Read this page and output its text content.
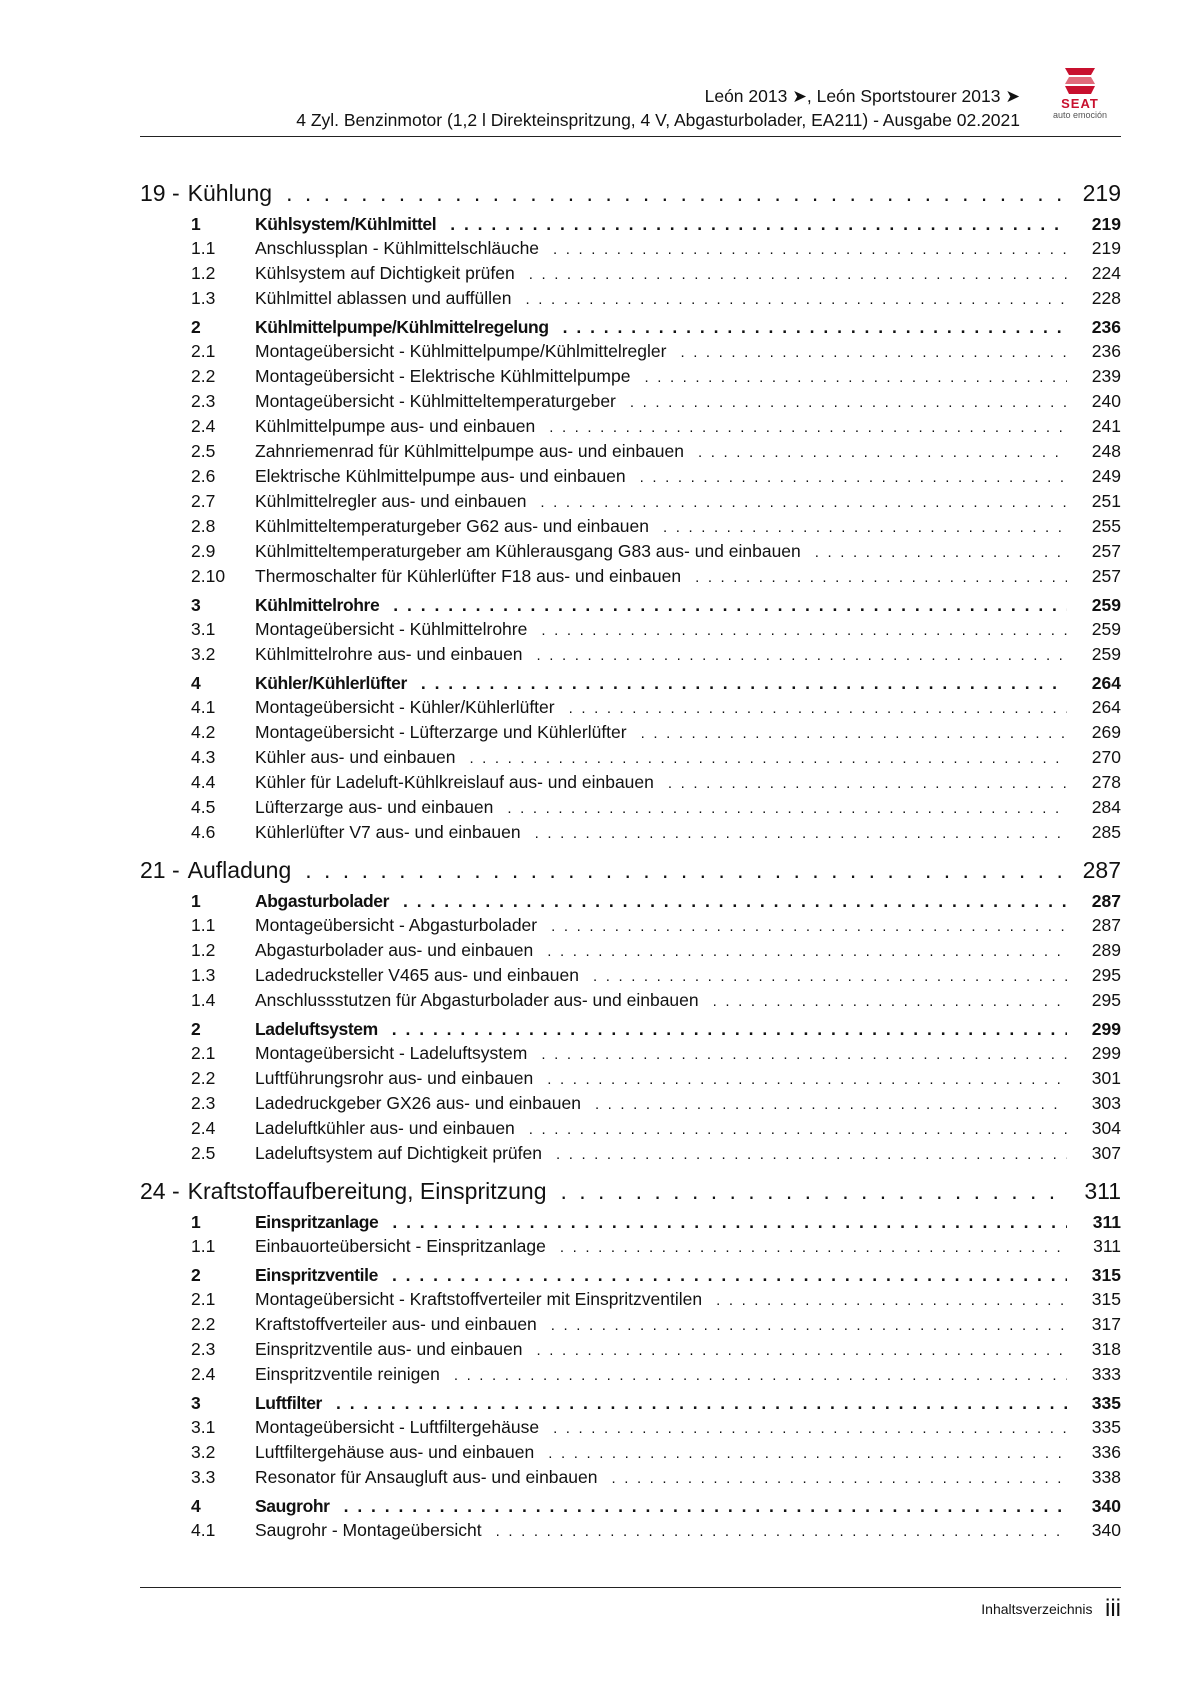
León 2013 ➤, León Sportstourer 2013 ➤
4 Zyl. Benzinmotor (1,2 l Direkteinspritzung, 4 V, Abgasturbolader, EA211) - Ausgabe 02.2021
SEAT
auto emoción
19 - Kühlung . . .	219
1	Kühlsystem/Kühlmittel . . .	219
1.1	Anschlussplan - Kühlmittelschläuche . . .	219
1.2	Kühlsystem auf Dichtigkeit prüfen . . .	224
1.3	Kühlmittel ablassen und auffüllen . . .	228
2	Kühlmittelpumpe/Kühlmittelregelung . . .	236
2.1	Montageübersicht - Kühlmittelpumpe/Kühlmittelregler . . .	236
2.2	Montageübersicht - Elektrische Kühlmittelpumpe . . .	239
2.3	Montageübersicht - Kühlmitteltemperaturgeber . . .	240
2.4	Kühlmittelpumpe aus- und einbauen . . .	241
2.5	Zahnriemenrad für Kühlmittelpumpe aus- und einbauen . . .	248
2.6	Elektrische Kühlmittelpumpe aus- und einbauen . . .	249
2.7	Kühlmittelregler aus- und einbauen . . .	251
2.8	Kühlmitteltemperaturgeber G62 aus- und einbauen . . .	255
2.9	Kühlmitteltemperaturgeber am Kühlerausgang G83 aus- und einbauen . . .	257
2.10	Thermoschalter für Kühlerlüfter F18 aus- und einbauen . . .	257
3	Kühlmittelrohre . . .	259
3.1	Montageübersicht - Kühlmittelrohre . . .	259
3.2	Kühlmittelrohre aus- und einbauen . . .	259
4	Kühler/Kühlerlüfter . . .	264
4.1	Montageübersicht - Kühler/Kühlerlüfter . . .	264
4.2	Montageübersicht - Lüfterzarge und Kühlerlüfter . . .	269
4.3	Kühler aus- und einbauen . . .	270
4.4	Kühler für Ladeluft-Kühlkreislauf aus- und einbauen . . .	278
4.5	Lüfterzarge aus- und einbauen . . .	284
4.6	Kühlerlüfter V7 aus- und einbauen . . .	285
21 - Aufladung . . .	287
1	Abgasturbolader . . .	287
1.1	Montageübersicht - Abgasturbolader . . .	287
1.2	Abgasturbolader aus- und einbauen . . .	289
1.3	Ladedrucksteller V465 aus- und einbauen . . .	295
1.4	Anschlussstutzen für Abgasturbolader aus- und einbauen . . .	295
2	Ladeluftsystem . . .	299
2.1	Montageübersicht - Ladeluftsystem . . .	299
2.2	Luftführungsrohr aus- und einbauen . . .	301
2.3	Ladedruckgeber GX26 aus- und einbauen . . .	303
2.4	Ladeluftkühler aus- und einbauen . . .	304
2.5	Ladeluftsystem auf Dichtigkeit prüfen . . .	307
24 - Kraftstoffaufbereitung, Einspritzung . . .	311
1	Einspritzanlage . . .	311
1.1	Einbauorteübersicht - Einspritzanlage . . .	311
2	Einspritzventile . . .	315
2.1	Montageübersicht - Kraftstoffverteiler mit Einspritzventilen . . .	315
2.2	Kraftstoffverteiler aus- und einbauen . . .	317
2.3	Einspritzventile aus- und einbauen . . .	318
2.4	Einspritzventile reinigen . . .	333
3	Luftfilter . . .	335
3.1	Montageübersicht - Luftfiltergehäuse . . .	335
3.2	Luftfiltergehäuse aus- und einbauen . . .	336
3.3	Resonator für Ansaugluft aus- und einbauen . . .	338
4	Saugrohr . . .	340
4.1	Saugrohr - Montageübersicht . . .	340
Inhaltsverzeichnis iii
